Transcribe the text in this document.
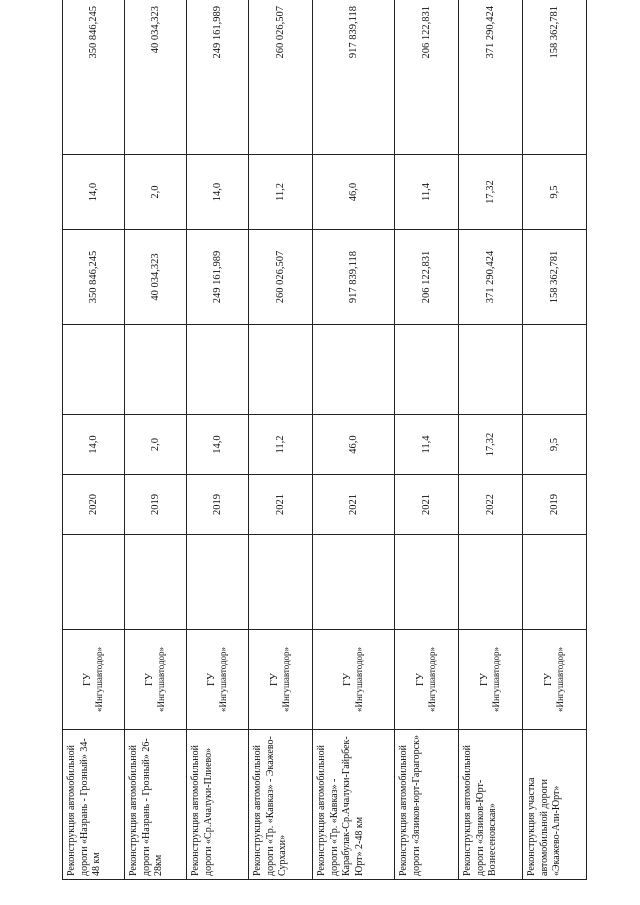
Реконструкция автомобильной дороги «Назрань - Грозный» 34-48 км	ГУ «Ингушавтодор»		2020	14,0		350 846,245	14,0	350 846,245
Реконструкция автомобильной дороги «Назрань - Грозный» 26-28км	ГУ «Ингушавтодор»		2019	2,0		40 034,323	2,0	40 034,323
Реконструкция автомобильной дороги «Ср.Ачалуки-Плиево»	ГУ «Ингушавтодор»		2019	14,0		249 161,989	14,0	249 161,989
Реконструкция автомобильной дороги «Тр. «Кавказ» - Экажево-Сурхахи»	ГУ «Ингушавтодор»		2021	11,2		260 026,507	11,2	260 026,507
Реконструкция автомобильной дороги «Тр. «Кавказ» - Карабулак-Ср.Ачалуки-Гайрбек-Юрт» 2-48 км	ГУ «Ингушавтодор»		2021	46,0		917 839,118	46,0	917 839,118
Реконструкция автомобильной дороги «Зязиков-юрт-Гарагорск»	ГУ «Ингушавтодор»		2021	11,4		206 122,831	11,4	206 122,831
Реконструкция автомобильной дороги «Зязиков-Юрт-Вознесеновская»	ГУ «Ингушавтодор»		2022	17,32		371 290,424	17,32	371 290,424
Реконструкция участка автомобильной дороги «Экажево-Али-Юрт»	ГУ «Ингушавтодор»		2019	9,5		158 362,781	9,5	158 362,781
